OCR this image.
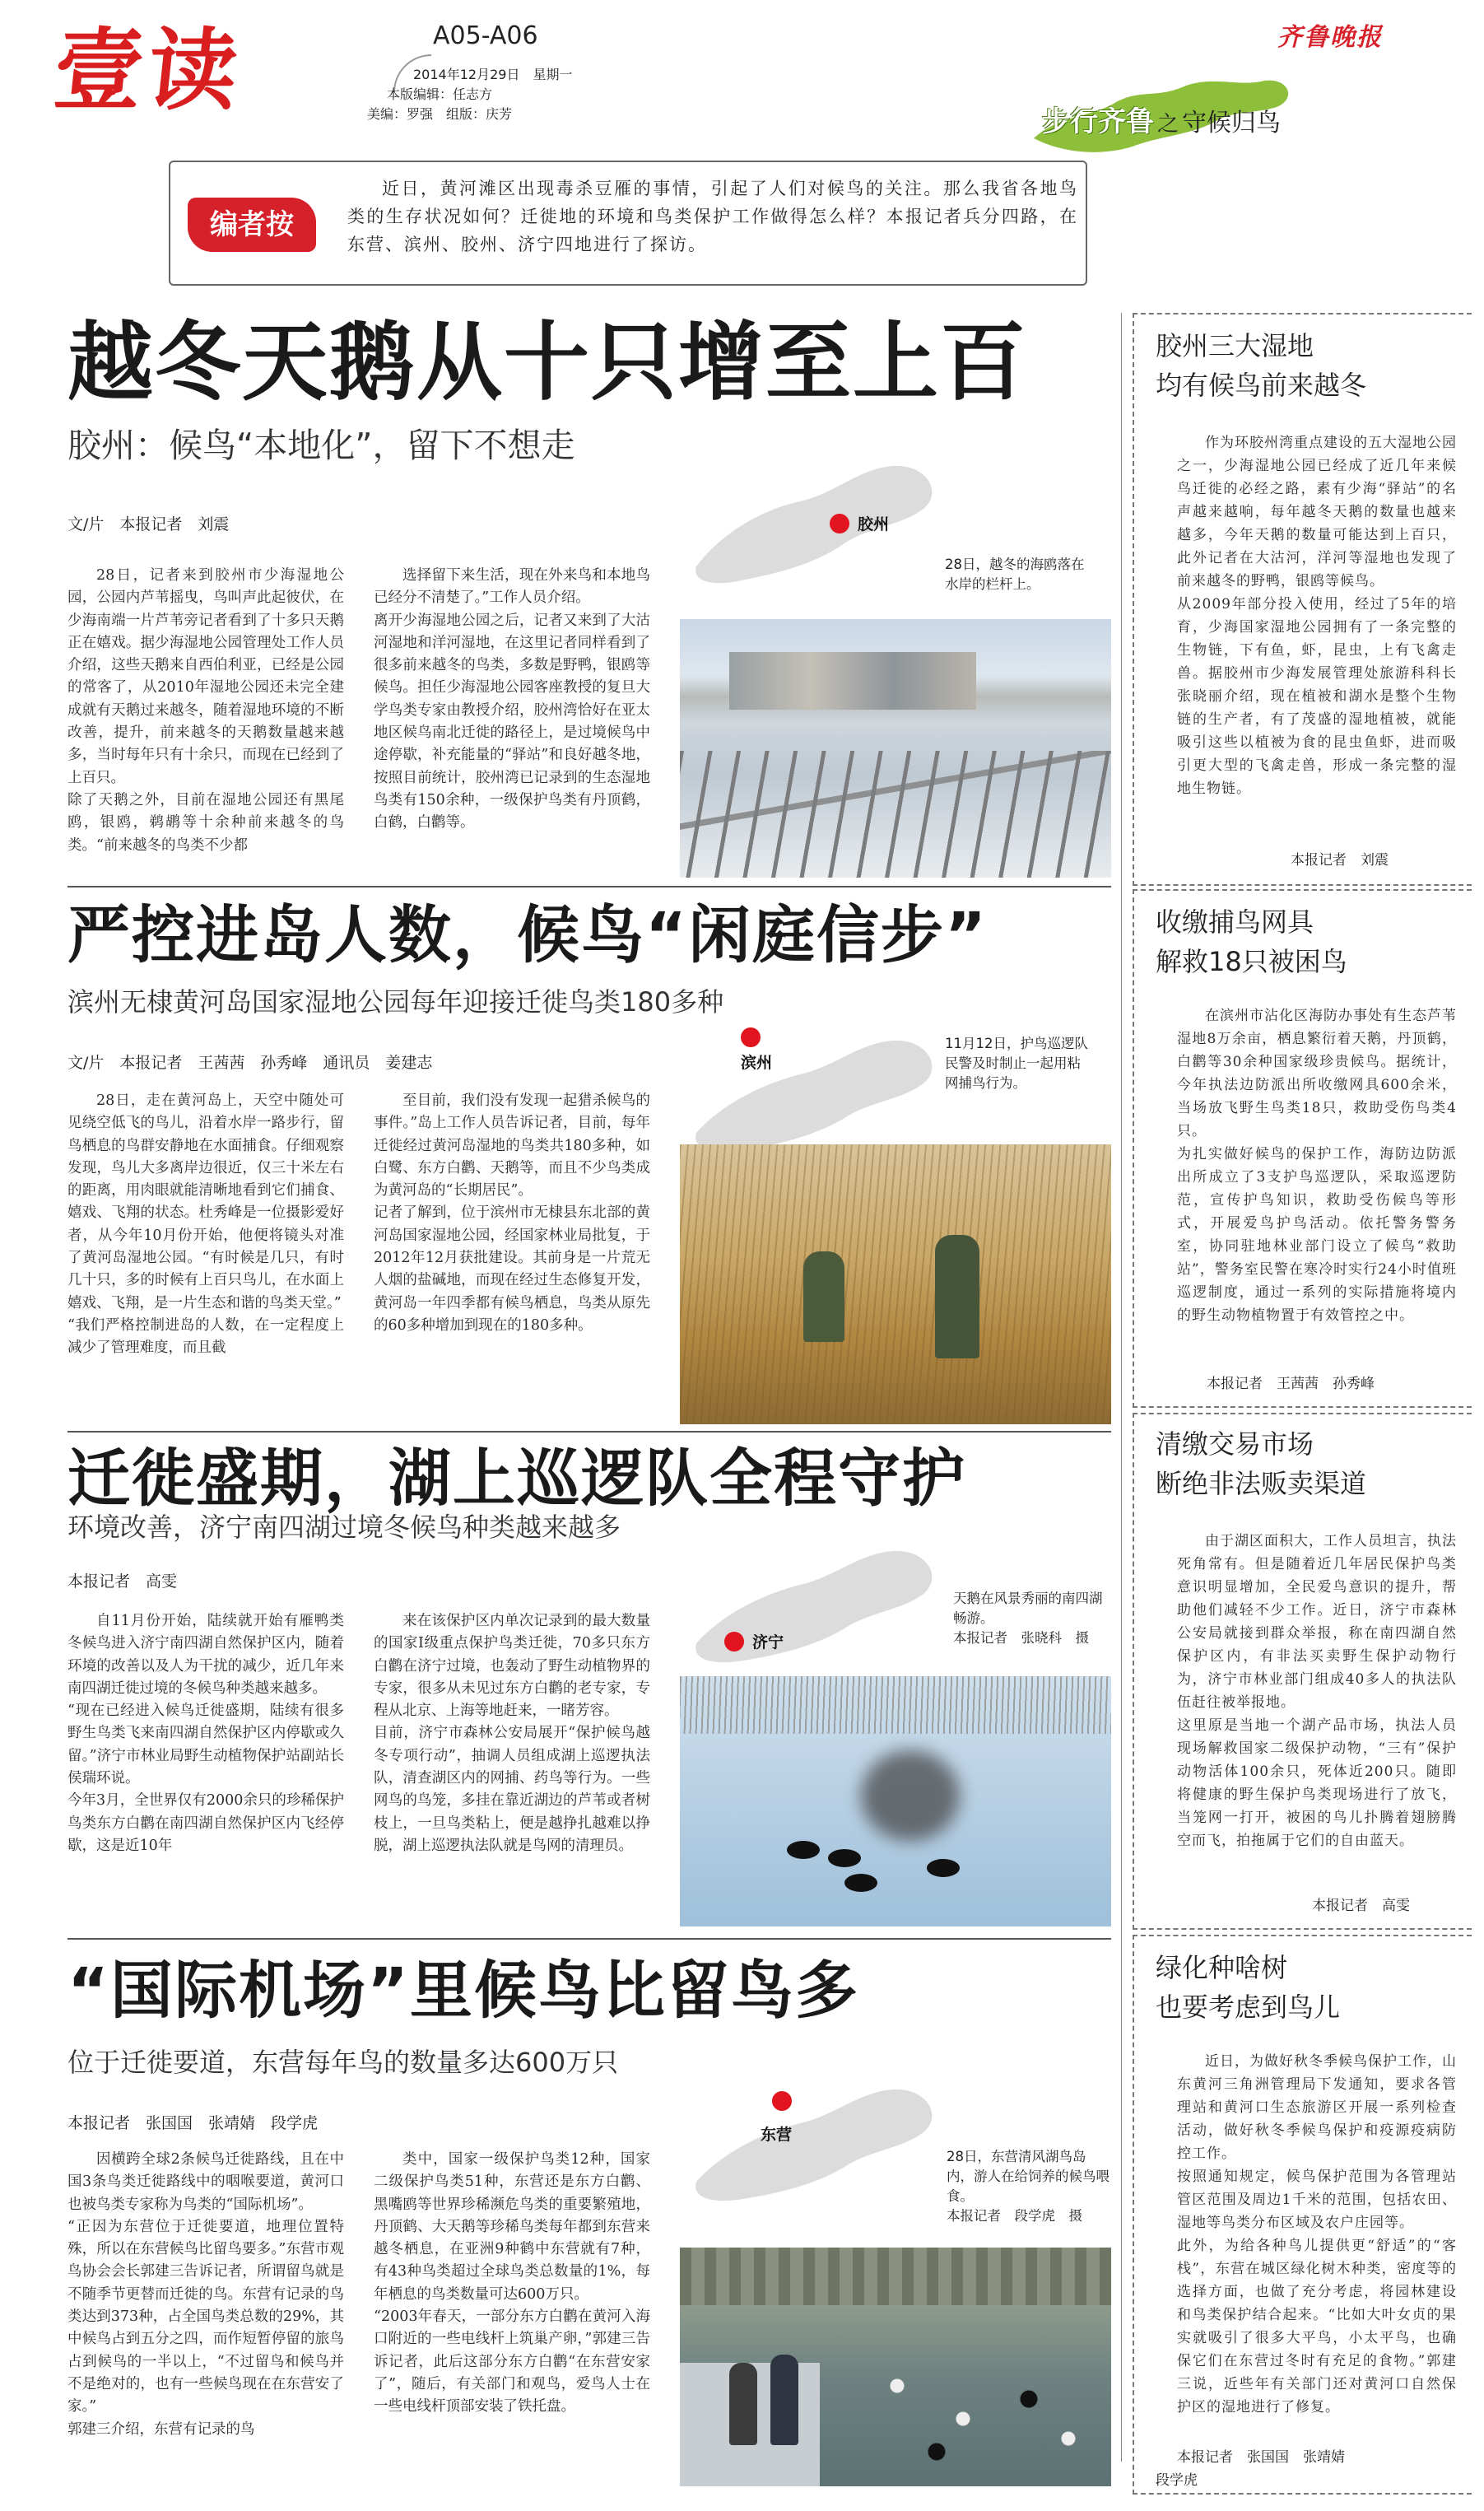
壹读	A05-A06
2014年12月29日　星期一
本版编辑：任志方
美编：罗强　组版：庆芳
齐鲁晚报
步行齐鲁 之 守候归鸟
编者按
近日，黄河滩区出现毒杀豆雁的事情，引起了人们对候鸟的关注。那么我省各地鸟类的生存状况如何？迁徙地的环境和鸟类保护工作做得怎么样？本报记者兵分四路，在东营、滨州、胶州、济宁四地进行了探访。
越冬天鹅从十只增至上百
胶州：候鸟“本地化”，留下不想走
文/片　本报记者　刘震
28日，记者来到胶州市少海湿地公园，公园内芦苇摇曳，鸟叫声此起彼伏，在少海南端一片芦苇旁记者看到了十多只天鹅正在嬉戏。据少海湿地公园管理处工作人员介绍，这些天鹅来自西伯利亚，已经是公园的常客了，从2010年湿地公园还未完全建成就有天鹅过来越冬，随着湿地环境的不断改善，提升，前来越冬的天鹅数量越来越多，当时每年只有十余只，而现在已经到了上百只。
除了天鹅之外，目前在湿地公园还有黑尾鸥，银鸥，鹈鹕等十余种前来越冬的鸟类。“前来越冬的鸟类不少都
选择留下来生活，现在外来鸟和本地鸟已经分不清楚了。”工作人员介绍。
离开少海湿地公园之后，记者又来到了大沽河湿地和洋河湿地，在这里记者同样看到了很多前来越冬的鸟类，多数是野鸭，银鸥等候鸟。担任少海湿地公园客座教授的复旦大学鸟类专家由教授介绍，胶州湾恰好在亚太地区候鸟南北迁徙的路径上，是过境候鸟中途停歇，补充能量的“驿站”和良好越冬地，按照目前统计，胶州湾已记录到的生态湿地鸟类有150余种，一级保护鸟类有丹顶鹤，白鹤，白鹳等。
胶州
28日，越冬的海鸥落在水岸的栏杆上。
严控进岛人数，候鸟“闲庭信步”
滨州无棣黄河岛国家湿地公园每年迎接迁徙鸟类180多种
文/片　本报记者　王茜茜　孙秀峰　通讯员　姜建志
28日，走在黄河岛上，天空中随处可见绕空低飞的鸟儿，沿着水岸一路步行，留鸟栖息的鸟群安静地在水面捕食。仔细观察发现，鸟儿大多离岸边很近，仅三十米左右的距离，用肉眼就能清晰地看到它们捕食、嬉戏、飞翔的状态。杜秀峰是一位摄影爱好者，从今年10月份开始，他便将镜头对准了黄河岛湿地公园。“有时候是几只，有时几十只，多的时候有上百只鸟儿，在水面上嬉戏、飞翔，是一片生态和谐的鸟类天堂。”
“我们严格控制进岛的人数，在一定程度上减少了管理难度，而且截
至目前，我们没有发现一起猎杀候鸟的事件。”岛上工作人员告诉记者，目前，每年迁徙经过黄河岛湿地的鸟类共180多种，如白鹭、东方白鹳、天鹅等，而且不少鸟类成为黄河岛的“长期居民”。
记者了解到，位于滨州市无棣县东北部的黄河岛国家湿地公园，经国家林业局批复，于2012年12月获批建设。其前身是一片荒无人烟的盐碱地，而现在经过生态修复开发，黄河岛一年四季都有候鸟栖息，鸟类从原先的60多种增加到现在的180多种。
滨州
11月12日，护鸟巡逻队民警及时制止一起用粘网捕鸟行为。
迁徙盛期，湖上巡逻队全程守护
环境改善，济宁南四湖过境冬候鸟种类越来越多
本报记者　高雯
自11月份开始，陆续就开始有雁鸭类冬候鸟进入济宁南四湖自然保护区内，随着环境的改善以及人为干扰的减少，近几年来南四湖迁徙过境的冬候鸟种类越来越多。
“现在已经进入候鸟迁徙盛期，陆续有很多野生鸟类飞来南四湖自然保护区内停歇或久留。”济宁市林业局野生动植物保护站副站长侯瑞环说。
今年3月，全世界仅有2000余只的珍稀保护鸟类东方白鹳在南四湖自然保护区内飞经停歇，这是近10年
来在该保护区内单次记录到的最大数量的国家I级重点保护鸟类迁徙，70多只东方白鹳在济宁过境，也轰动了野生动植物界的专家，很多从未见过东方白鹳的老专家，专程从北京、上海等地赶来，一睹芳容。
目前，济宁市森林公安局展开“保护候鸟越冬专项行动”，抽调人员组成湖上巡逻执法队，清查湖区内的网捕、药鸟等行为。一些网鸟的鸟笼，多挂在靠近湖边的芦苇或者树枝上，一旦鸟类粘上，便是越挣扎越难以挣脱，湖上巡逻执法队就是鸟网的清理员。
济宁
天鹅在风景秀丽的南四湖畅游。
本报记者　张晓科　摄
“国际机场”里候鸟比留鸟多
位于迁徙要道，东营每年鸟的数量多达600万只
本报记者　张国国　张靖婧　段学虎
因横跨全球2条候鸟迁徙路线，且在中国3条鸟类迁徙路线中的咽喉要道，黄河口也被鸟类专家称为鸟类的“国际机场”。
“正因为东营位于迁徙要道，地理位置特殊，所以在东营候鸟比留鸟要多。”东营市观鸟协会会长郭建三告诉记者，所谓留鸟就是不随季节更替而迁徙的鸟。东营有记录的鸟类达到373种，占全国鸟类总数的29%，其中候鸟占到五分之四，而作短暂停留的旅鸟占到候鸟的一半以上，“不过留鸟和候鸟并不是绝对的，也有一些候鸟现在在东营安了家。”
郭建三介绍，东营有记录的鸟
类中，国家一级保护鸟类12种，国家二级保护鸟类51种，东营还是东方白鹳、黑嘴鸥等世界珍稀濒危鸟类的重要繁殖地，丹顶鹤、大天鹅等珍稀鸟类每年都到东营来越冬栖息，在亚洲9种鹤中东营就有7种，有43种鸟类超过全球鸟类总数量的1%，每年栖息的鸟类数量可达600万只。
“2003年春天，一部分东方白鹳在黄河入海口附近的一些电线杆上筑巢产卵，”郭建三告诉记者，此后这部分东方白鹳“在东营安家了”，随后，有关部门和观鸟，爱鸟人士在一些电线杆顶部安装了铁托盘。
东营
28日，东营清风湖鸟岛内，游人在给饲养的候鸟喂食。
本报记者　段学虎　摄
胶州三大湿地
均有候鸟前来越冬
作为环胶州湾重点建设的五大湿地公园之一，少海湿地公园已经成了近几年来候鸟迁徙的必经之路，素有少海“驿站”的名声越来越响，每年越冬天鹅的数量也越来越多，今年天鹅的数量可能达到上百只，此外记者在大沽河，洋河等湿地也发现了前来越冬的野鸭，银鸥等候鸟。
从2009年部分投入使用，经过了5年的培育，少海国家湿地公园拥有了一条完整的生物链，下有鱼，虾，昆虫，上有飞禽走兽。据胶州市少海发展管理处旅游科科长张晓丽介绍，现在植被和湖水是整个生物链的生产者，有了茂盛的湿地植被，就能吸引这些以植被为食的昆虫鱼虾，进而吸引更大型的飞禽走兽，形成一条完整的湿地生物链。
本报记者　刘震
收缴捕鸟网具
解救18只被困鸟
在滨州市沾化区海防办事处有生态芦苇湿地8万余亩，栖息繁衍着天鹅，丹顶鹤，白鹳等30余种国家级珍贵候鸟。据统计，今年执法边防派出所收缴网具600余米，当场放飞野生鸟类18只，救助受伤鸟类4只。
为扎实做好候鸟的保护工作，海防边防派出所成立了3支护鸟巡逻队，采取巡逻防范，宣传护鸟知识，救助受伤候鸟等形式，开展爱鸟护鸟活动。依托警务警务室，协同驻地林业部门设立了候鸟“救助站”，警务室民警在寒冷时实行24小时值班巡逻制度，通过一系列的实际措施将境内的野生动物植物置于有效管控之中。
本报记者　王茜茜　孙秀峰
清缴交易市场
断绝非法贩卖渠道
由于湖区面积大，工作人员坦言，执法死角常有。但是随着近几年居民保护鸟类意识明显增加，全民爱鸟意识的提升，帮助他们减轻不少工作。近日，济宁市森林公安局就接到群众举报，称在南四湖自然保护区内，有非法买卖野生保护动物行为，济宁市林业部门组成40多人的执法队伍赶往被举报地。
这里原是当地一个湖产品市场，执法人员现场解救国家二级保护动物，“三有”保护动物活体100余只，死体近200只。随即将健康的野生保护鸟类现场进行了放飞，当笼网一打开，被困的鸟儿扑腾着翅膀腾空而飞，拍拖属于它们的自由蓝天。
本报记者　高雯
绿化种啥树
也要考虑到鸟儿
近日，为做好秋冬季候鸟保护工作，山东黄河三角洲管理局下发通知，要求各管理站和黄河口生态旅游区开展一系列检查活动，做好秋冬季候鸟保护和疫源疫病防控工作。
按照通知规定，候鸟保护范围为各管理站管区范围及周边1千米的范围，包括农田、湿地等鸟类分布区域及农户庄园等。
此外，为给各种鸟儿提供更“舒适”的“客栈”，东营在城区绿化树木种类，密度等的选择方面，也做了充分考虑，将园林建设和鸟类保护结合起来。“比如大叶女贞的果实就吸引了很多大平鸟，小太平鸟，也确保它们在东营过冬时有充足的食物。”郭建三说，近些年有关部门还对黄河口自然保护区的湿地进行了修复。
本报记者　张国国　张靖婧
段学虎
